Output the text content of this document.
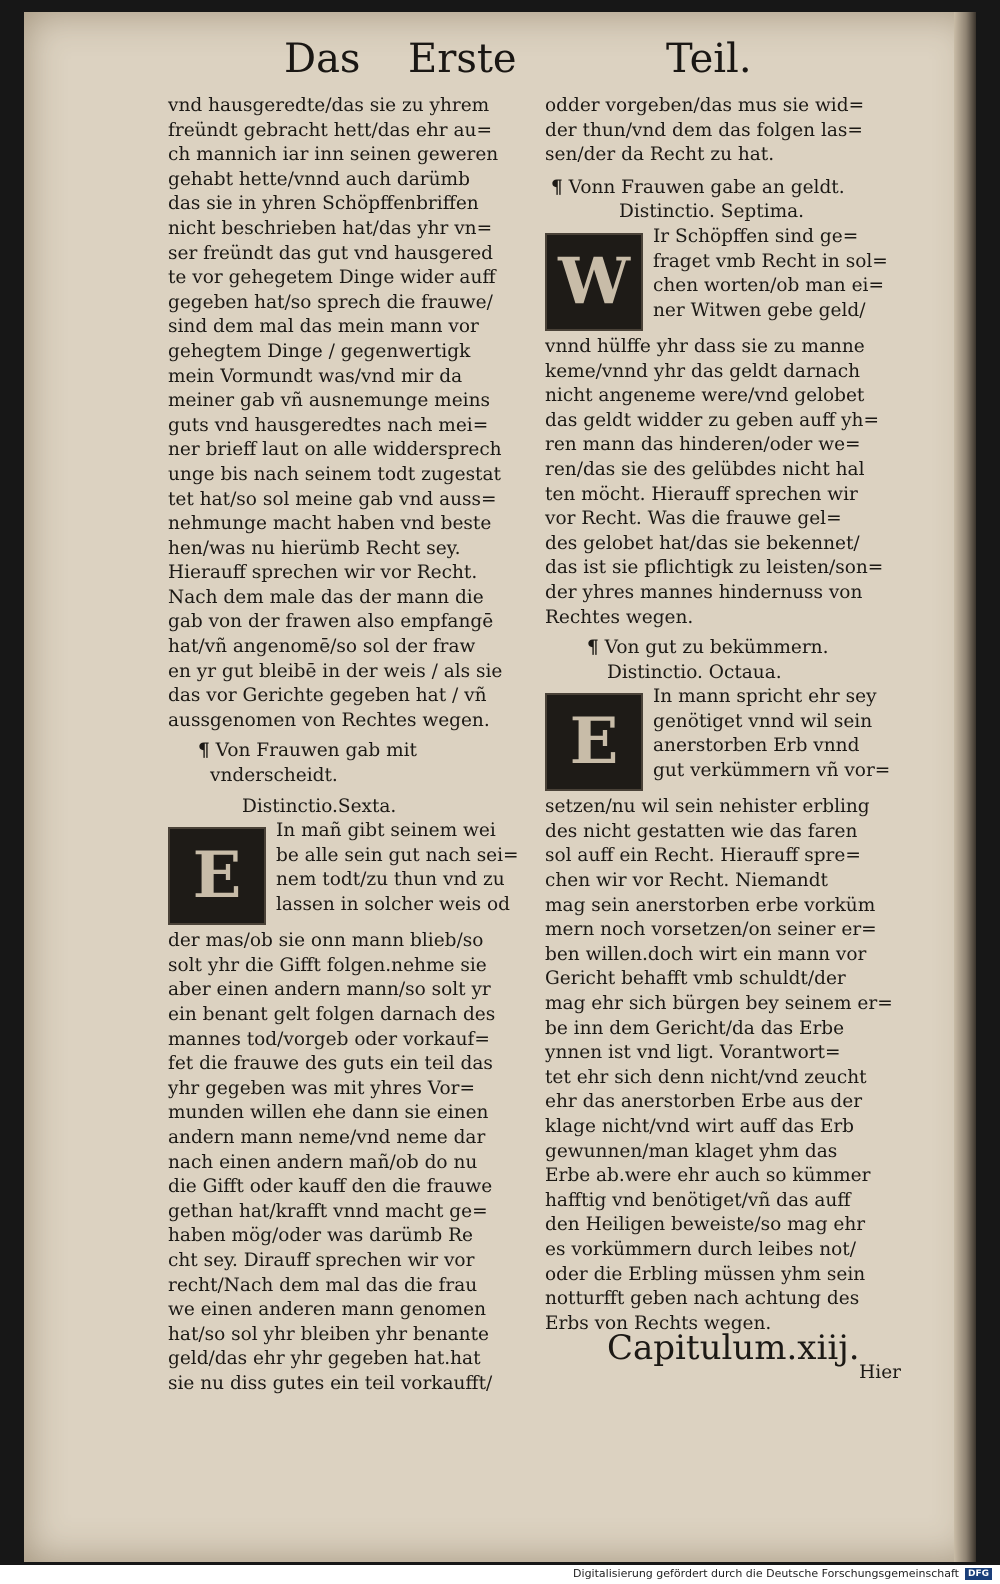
Das Erste	Teil.

vnd hausgeredte/das sie zu yhrem

freündt gebracht hett/das ehr au=

ch mannich iar inn seinen geweren

gehabt hette/vnnd auch darümb

das sie in yhren Schöpffenbriffen

nicht beschrieben hat/das yhr vn=

ser freündt das gut vnd hausgered

te vor gehegetem Dinge wider auff

gegeben hat/so sprech die frauwe/

sind dem mal das mein mann vor

gehegtem Dinge / gegenwertigk

mein Vormundt was/vnd mir da

meiner gab vñ ausnemunge meins

guts vnd hausgeredtes nach mei=

ner brieff laut on alle widdersprech

unge bis nach seinem todt zugestat

tet hat/so sol meine gab vnd auss=

nehmunge macht haben vnd beste

hen/was nu hierümb Recht sey.

Hierauff sprechen wir vor Recht.

Nach dem male das der mann die

gab von der frawen also empfangē

hat/vñ angenomē/so sol der fraw

en yr gut bleibē in der weis / als sie

das vor Gerichte gegeben hat / vñ

aussgenomen von Rechtes wegen.

¶ Von Frauwen gab mit

vnderscheidt.

Distinctio.Sexta.

E

In mañ gibt seinem wei

be alle sein gut nach sei=

nem todt/zu thun vnd zu

lassen in solcher weis od

der mas/ob sie onn mann blieb/so

solt yhr die Gifft folgen.nehme sie

aber einen andern mann/so solt yr

ein benant gelt folgen darnach des

mannes tod/vorgeb oder vorkauf=

fet die frauwe des guts ein teil das

yhr gegeben was mit yhres Vor=

munden willen ehe dann sie einen

andern mann neme/vnd neme dar

nach einen andern mañ/ob do nu

die Gifft oder kauff den die frauwe

gethan hat/krafft vnnd macht ge=

haben mög/oder was darümb Re

cht sey. Dirauff sprechen wir vor

recht/Nach dem mal das die frau

we einen anderen mann genomen

hat/so sol yhr bleiben yhr benante

geld/das ehr yhr gegeben hat.hat

sie nu diss gutes ein teil vorkaufft/

odder vorgeben/das mus sie wid=

der thun/vnd dem das folgen las=

sen/der da Recht zu hat.

¶ Vonn Frauwen gabe an geldt.

Distinctio. Septima.

W

Ir Schöpffen sind ge=

fraget vmb Recht in sol=

chen worten/ob man ei=

ner Witwen gebe geld/

vnnd hülffe yhr dass sie zu manne

keme/vnnd yhr das geldt darnach

nicht angeneme were/vnd gelobet

das geldt widder zu geben auff yh=

ren mann das hinderen/oder we=

ren/das sie des gelübdes nicht hal

ten möcht. Hierauff sprechen wir

vor Recht. Was die frauwe gel=

des gelobet hat/das sie bekennet/

das ist sie pflichtigk zu leisten/son=

der yhres mannes hindernuss von

Rechtes wegen.

¶ Von gut zu bekümmern.

Distinctio. Octaua.

E

In mann spricht ehr sey

genötiget vnnd wil sein

anerstorben Erb vnnd

gut verkümmern vñ vor=

setzen/nu wil sein nehister erbling

des nicht gestatten wie das faren

sol auff ein Recht. Hierauff spre=

chen wir vor Recht. Niemandt

mag sein anerstorben erbe vorküm

mern noch vorsetzen/on seiner er=

ben willen.doch wirt ein mann vor

Gericht behafft vmb schuldt/der

mag ehr sich bürgen bey seinem er=

be inn dem Gericht/da das Erbe

ynnen ist vnd ligt. Vorantwort=

tet ehr sich denn nicht/vnd zeucht

ehr das anerstorben Erbe aus der

klage nicht/vnd wirt auff das Erb

gewunnen/man klaget yhm das

Erbe ab.were ehr auch so kümmer

hafftig vnd benötiget/vñ das auff

den Heiligen beweiste/so mag ehr

es vorkümmern durch leibes not/

oder die Erbling müssen yhm sein

notturfft geben nach achtung des

Erbs von Rechts wegen.

Capitulum.xiij.

Hier

Digitalisierung gefördert durch die Deutsche Forschungsgemeinschaft	DFG
